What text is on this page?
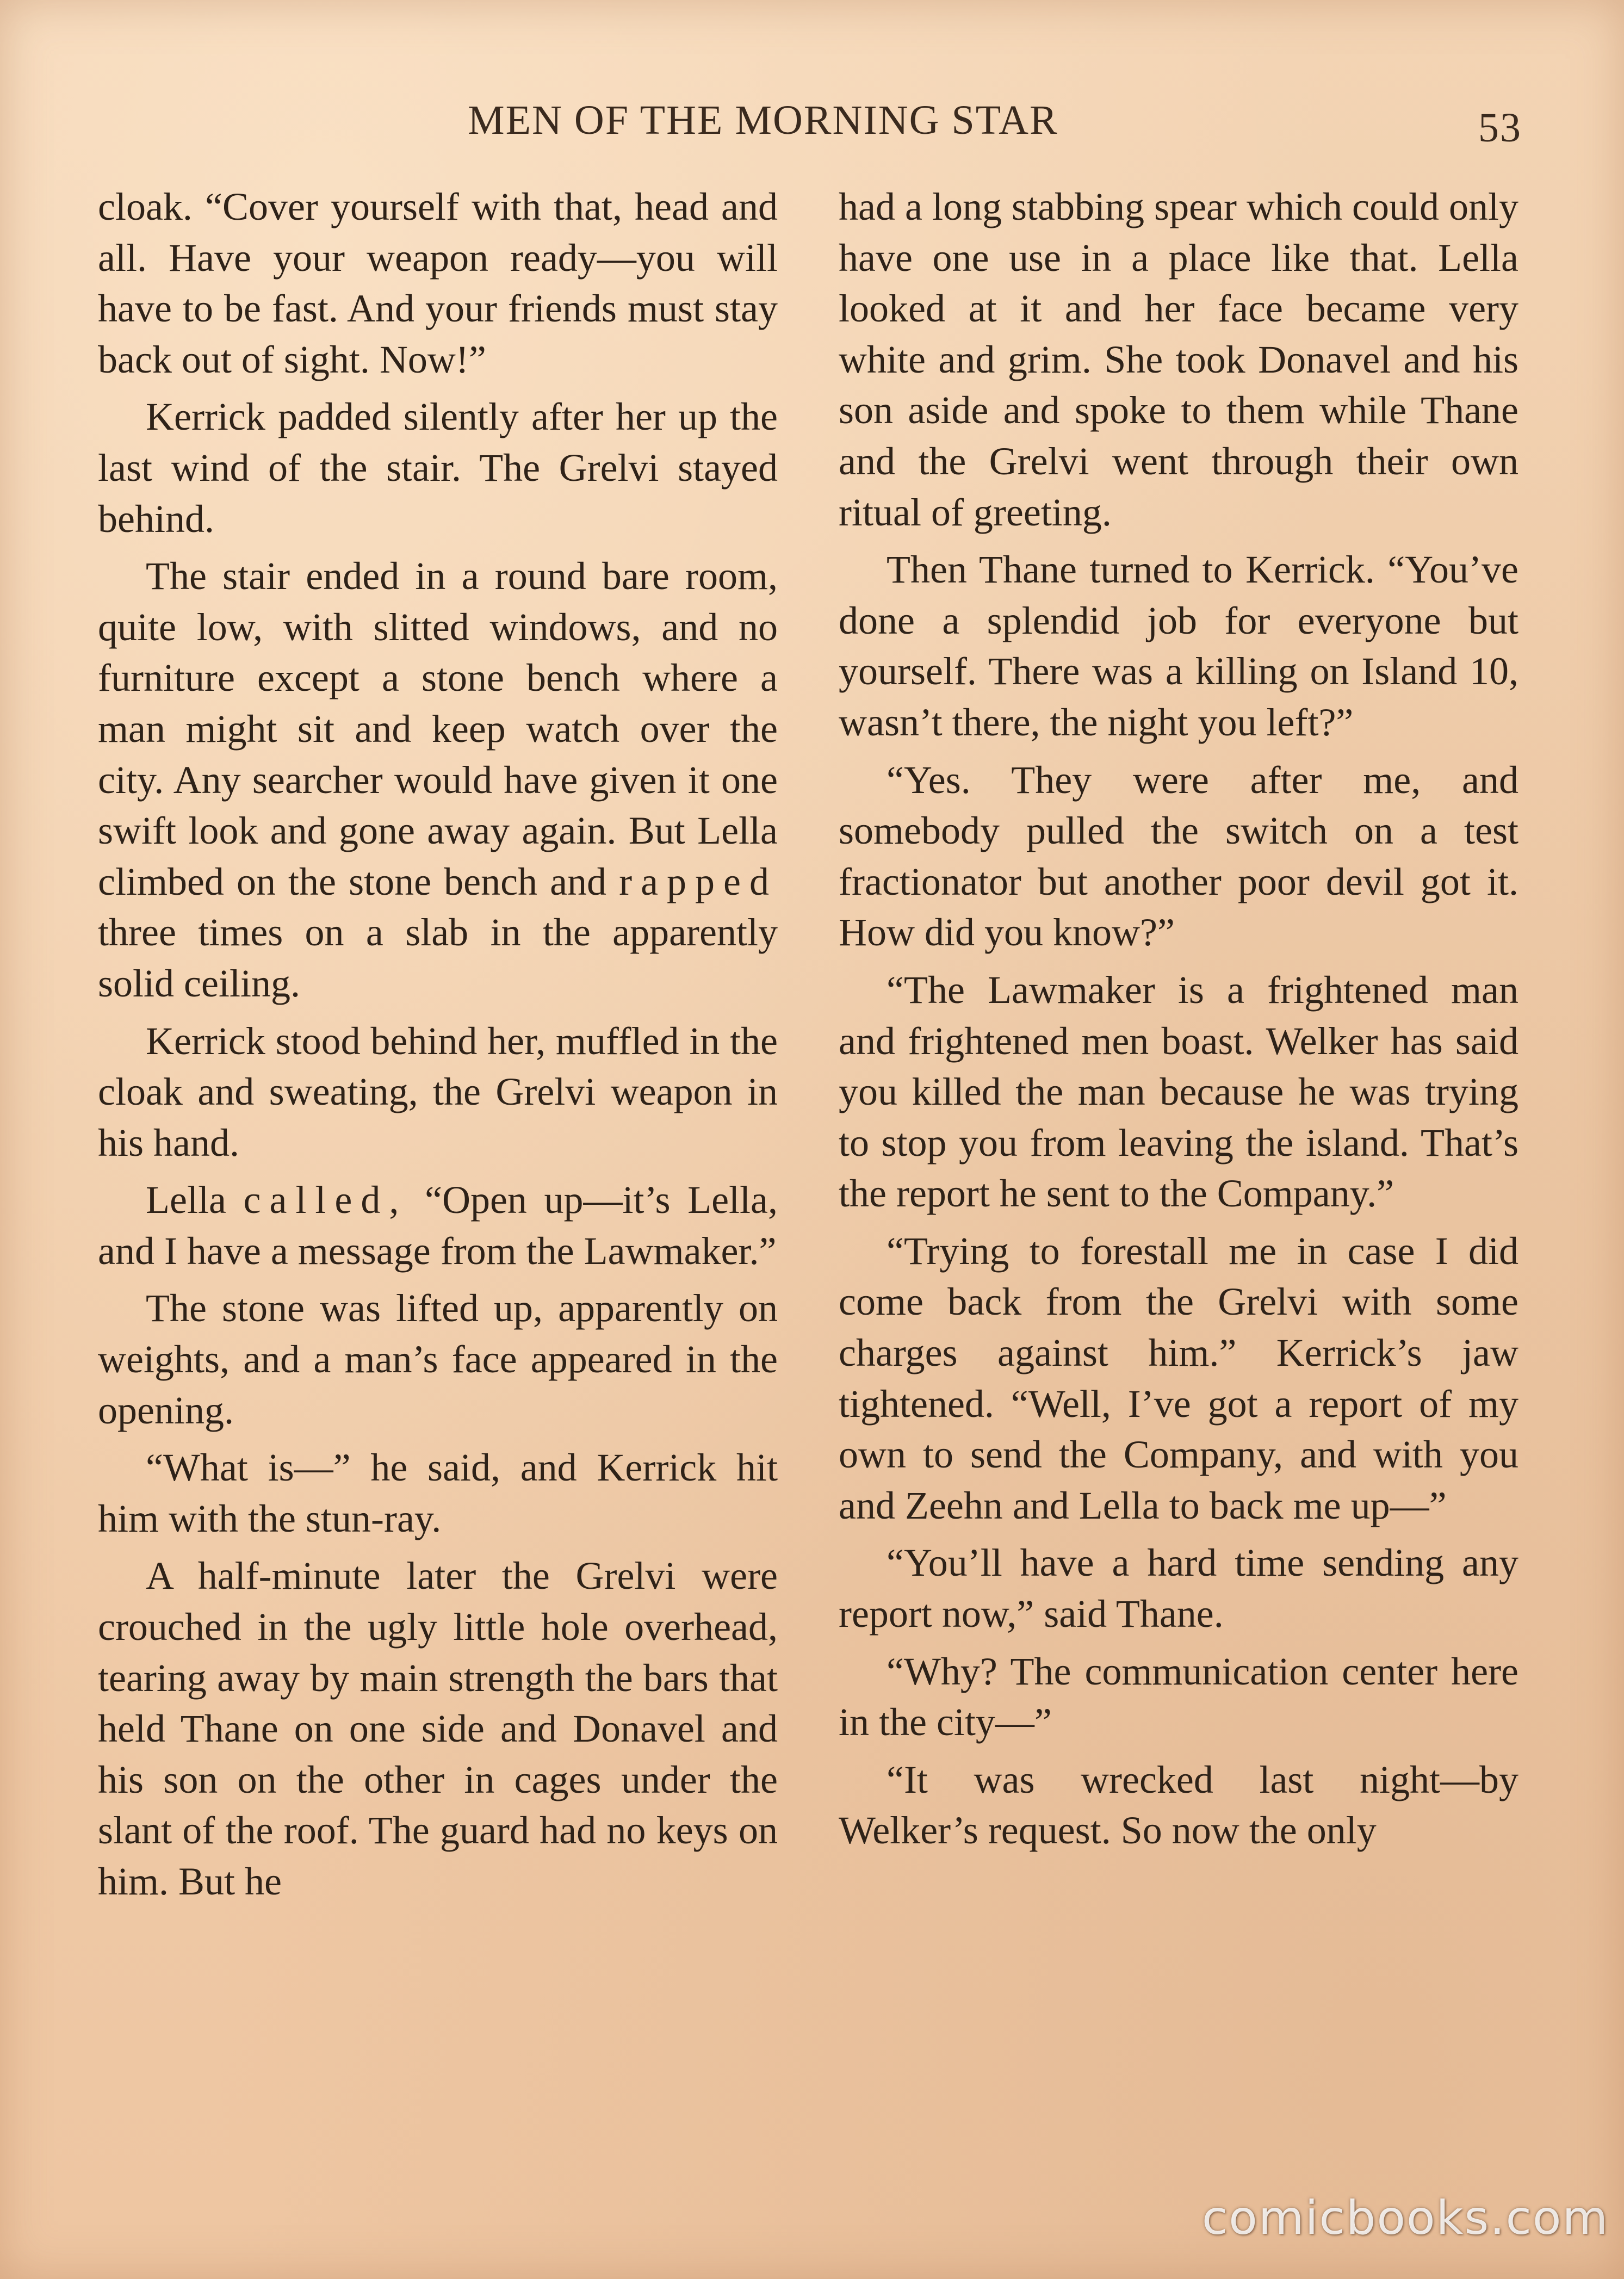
MEN OF THE MORNING STAR	53

cloak. “Cover yourself with that, head and all. Have your weapon ready—you will have to be fast. And your friends must stay back out of sight. Now!”

Kerrick padded silently after her up the last wind of the stair. The Grelvi stayed behind.

The stair ended in a round bare room, quite low, with slitted windows, and no furniture except a stone bench where a man might sit and keep watch over the city. Any searcher would have given it one swift look and gone away again. But Lella climbed on the stone bench and rapped three times on a slab in the apparently solid ceiling.

Kerrick stood behind her, muffled in the cloak and sweating, the Grelvi weapon in his hand.

Lella called, “Open up—it’s Lella, and I have a message from the Lawmaker.”

The stone was lifted up, apparently on weights, and a man’s face appeared in the opening.

“What is—” he said, and Kerrick hit him with the stun-ray.

A half-minute later the Grelvi were crouched in the ugly little hole overhead, tearing away by main strength the bars that held Thane on one side and Donavel and his son on the other in cages under the slant of the roof. The guard had no keys on him. But he

had a long stabbing spear which could only have one use in a place like that. Lella looked at it and her face became very white and grim. She took Donavel and his son aside and spoke to them while Thane and the Grelvi went through their own ritual of greeting.

Then Thane turned to Kerrick. “You’ve done a splendid job for everyone but yourself. There was a killing on Island 10, wasn’t there, the night you left?”

“Yes. They were after me, and somebody pulled the switch on a test fractionator but another poor devil got it. How did you know?”

“The Lawmaker is a frightened man and frightened men boast. Welker has said you killed the man because he was trying to stop you from leaving the island. That’s the report he sent to the Company.”

“Trying to forestall me in case I did come back from the Grelvi with some charges against him.” Kerrick’s jaw tightened. “Well, I’ve got a report of my own to send the Company, and with you and Zeehn and Lella to back me up—”

“You’ll have a hard time sending any report now,” said Thane.

“Why? The communication center here in the city—”

“It was wrecked last night—by Welker’s request. So now the only

comicbooks.com
